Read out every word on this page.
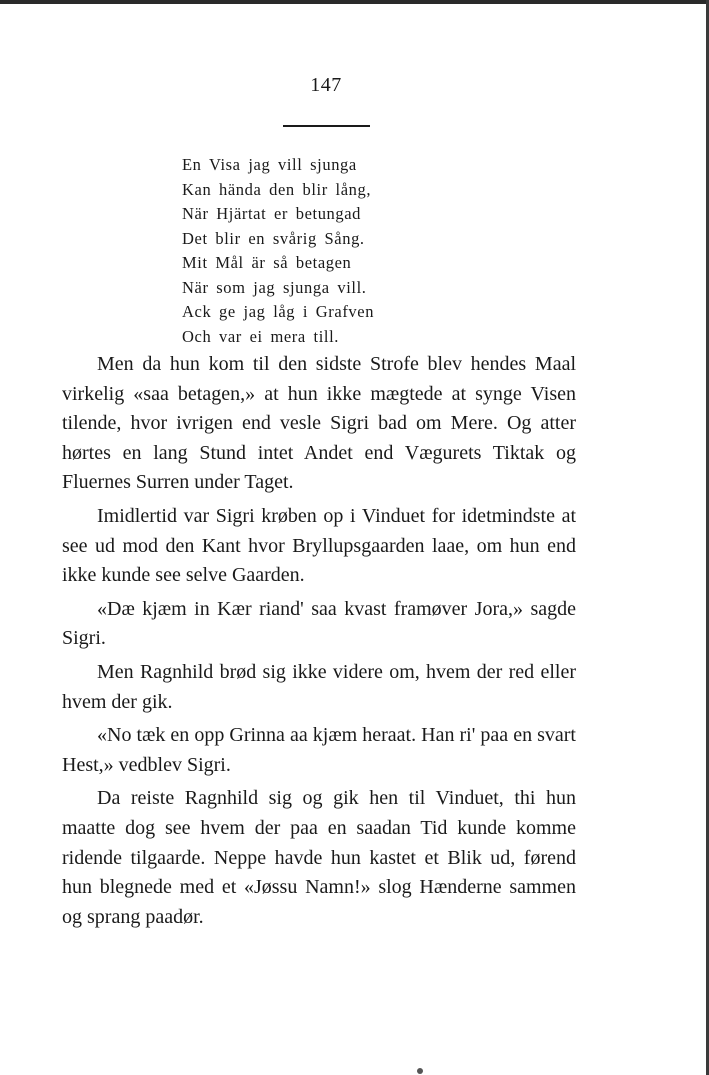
147
En Visa jag vill sjunga
Kan hända den blir lång,
När Hjärtat er betungad
Det blir en svårig Sång.
Mit Mål är så betagen
När som jag sjunga vill.
Ack ge jag låg i Grafven
Och var ei mera till.

Men da hun kom til den sidste Strofe blev hendes Maal virkelig «saa betagen,» at hun ikke mægtede at synge Visen tilende, hvor ivrigen end vesle Sigri bad om Mere. Og atter hørtes en lang Stund intet Andet end Vægurets Tiktak og Fluernes Surren under Taget.

Imidlertid var Sigri krøben op i Vinduet for idetmindste at see ud mod den Kant hvor Bryllupsgaarden laae, om hun end ikke kunde see selve Gaarden.

«Dæ kjæm in Kær riand' saa kvast framøver Jora,» sagde Sigri.

Men Ragnhild brød sig ikke videre om, hvem der red eller hvem der gik.

«No tæk en opp Grinna aa kjæm heraat. Han ri' paa en svart Hest,» vedblev Sigri.

Da reiste Ragnhild sig og gik hen til Vinduet, thi hun maatte dog see hvem der paa en saadan Tid kunde komme ridende tilgaarde. Neppe havde hun kastet et Blik ud, førend hun blegnede med et «Jøssu Namn!» slog Hænderne sammen og sprang paadør.
